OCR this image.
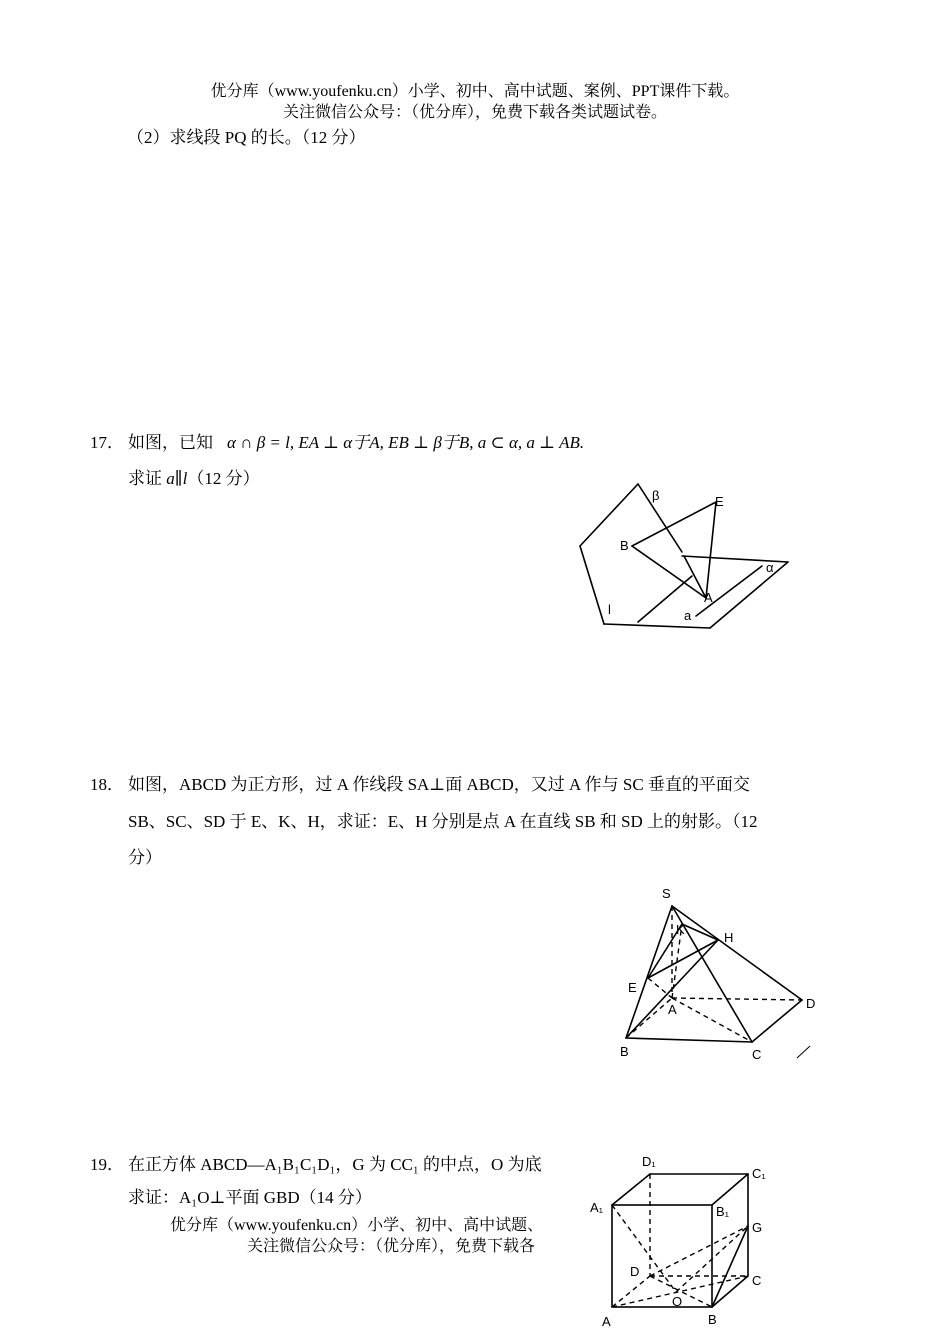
优分库（www.youfenku.cn）小学、初中、高中试题、案例、PPT课件下载。
关注微信公众号：（优分库），免费下载各类试题试卷。
（2）求线段 PQ 的长。（12 分）
17． 如图，已知 α ∩ β = l, EA ⊥ α于A, EB ⊥ β于B, a ⊂ α, a ⊥ AB.
求证 a∥l（12 分）
β	E
B
α
l
A
a
18． 如图，ABCD 为正方形，过 A 作线段 SA⊥面 ABCD，又过 A 作与 SC 垂直的平面交
SB、SC、SD 于 E、K、H，求证：E、H 分别是点 A 在直线 SB 和 SD 上的射影。（12
分）
S
K
H
E
A	D
B	C
19． 在正方体 ABCD—A₁B₁C₁D₁，G 为 CC₁ 的中点，O 为底
求证：A₁O⊥平面 GBD（14 分）
优分库（www.youfenku.cn）小学、初中、高中试题、
关注微信公众号：（优分库），免费下载各
D₁
C₁
A₁	B₁
G
D
C
O
A	B
